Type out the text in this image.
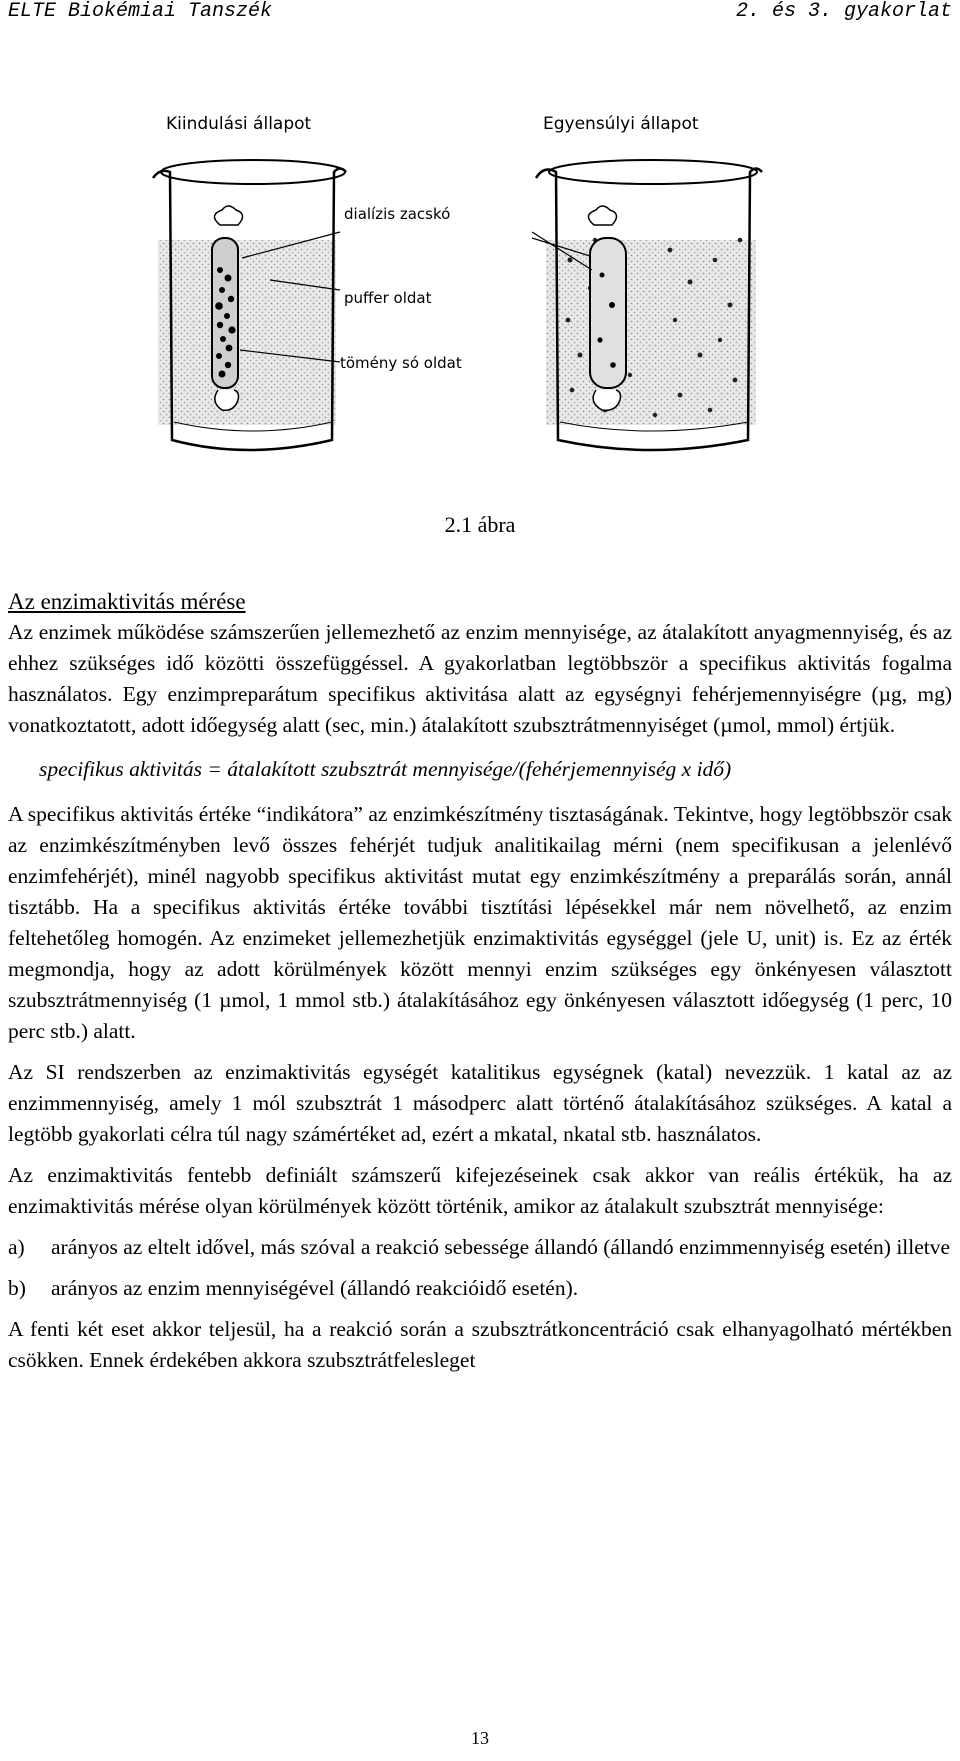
ELTE Biokémiai Tanszék	2. és 3. gyakorlat
Kiindulási állapot	Egyensúlyi állapot
dialízis zacskó
puffer oldat
tömény só oldat
2.1 ábra

Az enzimaktivitás mérése

Az enzimek működése számszerűen jellemezhető az enzim mennyisége, az átalakított anyagmennyiség, és az ehhez szükséges idő közötti összefüggéssel. A gyakorlatban legtöbbször a specifikus aktivitás fogalma használatos. Egy enzimpreparátum specifikus aktivitása alatt az egységnyi fehérjemennyiségre (µg, mg) vonatkoztatott, adott időegység alatt (sec, min.) átalakított szubsztrátmennyiséget (µmol, mmol) értjük.

specifikus aktivitás = átalakított szubsztrát mennyisége/(fehérjemennyiség x idő)

A specifikus aktivitás értéke “indikátora” az enzimkészítmény tisztaságának. Tekintve, hogy legtöbbször csak az enzimkészítményben levő összes fehérjét tudjuk analitikailag mérni (nem specifikusan a jelenlévő enzimfehérjét), minél nagyobb specifikus aktivitást mutat egy enzimkészítmény a preparálás során, annál tisztább. Ha a specifikus aktivitás értéke további tisztítási lépésekkel már nem növelhető, az enzim feltehetőleg homogén. Az enzimeket jellemezhetjük enzimaktivitás egységgel (jele U, unit) is. Ez az érték megmondja, hogy az adott körülmények között mennyi enzim szükséges egy önkényesen választott szubsztrátmennyiség (1 µmol, 1 mmol stb.) átalakításához egy önkényesen választott időegység (1 perc, 10 perc stb.) alatt.

Az SI rendszerben az enzimaktivitás egységét katalitikus egységnek (katal) nevezzük. 1 katal az az enzimmennyiség, amely 1 mól szubsztrát 1 másodperc alatt történő átalakításához szükséges. A katal a legtöbb gyakorlati célra túl nagy számértéket ad, ezért a mkatal, nkatal stb. használatos.

Az enzimaktivitás fentebb definiált számszerű kifejezéseinek csak akkor van reális értékük, ha az enzimaktivitás mérése olyan körülmények között történik, amikor az átalakult szubsztrát mennyisége:

a)	arányos az eltelt idővel, más szóval a reakció sebessége állandó (állandó enzimmennyiség esetén) illetve
b)	arányos az enzim mennyiségével (állandó reakcióidő esetén).

A fenti két eset akkor teljesül, ha a reakció során a szubsztrátkoncentráció csak elhanyagolható mértékben csökken. Ennek érdekében akkora szubsztrátfelesleget

13
